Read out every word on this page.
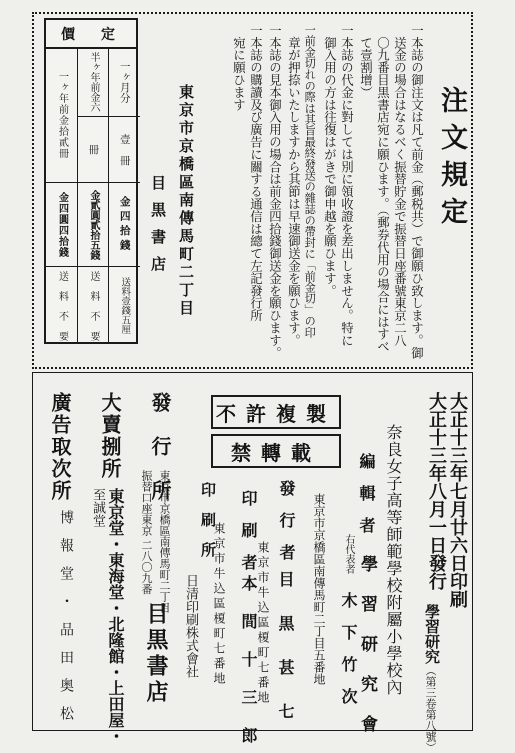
注文規定
一本誌の御注文は凡て前金（郵税共）で御願ひ致します。御
　送金の場合はなるべく振替貯金で振替日座番號東京二八
　〇九番目黒書店宛に願ひます。（郵券代用の場合にはすべ
　て壹割增）
一本誌の代金に對しては別に領收證を差出しません。特に
　御入用の方は往復はがきで御申越を願ひます。
一前金切れの際は其旨最終發送の雜誌の帶封に「前金切」の印
　章が押捺いたしますから其節は早速御送金を願ひます。
一本誌の見本御入用の場合は前金四拾錢御送金を願ひます。
一本誌の購讀及び廣告に關する通信は總て左記發行所
　宛に願ひます
東京市京橋區南傳馬町二丁目
目黒書店
價　定
一ヶ月分
壹　冊
金四拾錢
送料壹錢五厘
半ヶ年前金六
冊
金貳圓貳拾五錢
送　料　不　要
一ヶ年前金拾貳冊
金四圓四拾錢
送　料　不　要
大正十三年七月廿六日印刷
大正十三年八月一日發行
學習研究
（第三卷第八號）
奈良女子高等師範學校附屬小學校內
編　輯　者
學　習　研　究　會
右代表者
木　下　竹　次
東京市京橋區南傳馬町二丁目五番地
發　行　者
東京市牛込區榎町七番地 目　黒　甚　七
印　刷　者
東京市牛込區榎町七番地 本　間　十　三　郎
印　刷　所
日清印刷株式會社
不許複製
禁轉載
發　行　所
東京市京橋區南傳馬町二丁目
振替口座東京 二八〇九番
目黒書店
大賣捌所
東京堂・東海堂・北隆館・上田屋・
至誠堂
廣告取次所
博　報　堂　・　品　田　奥　松
